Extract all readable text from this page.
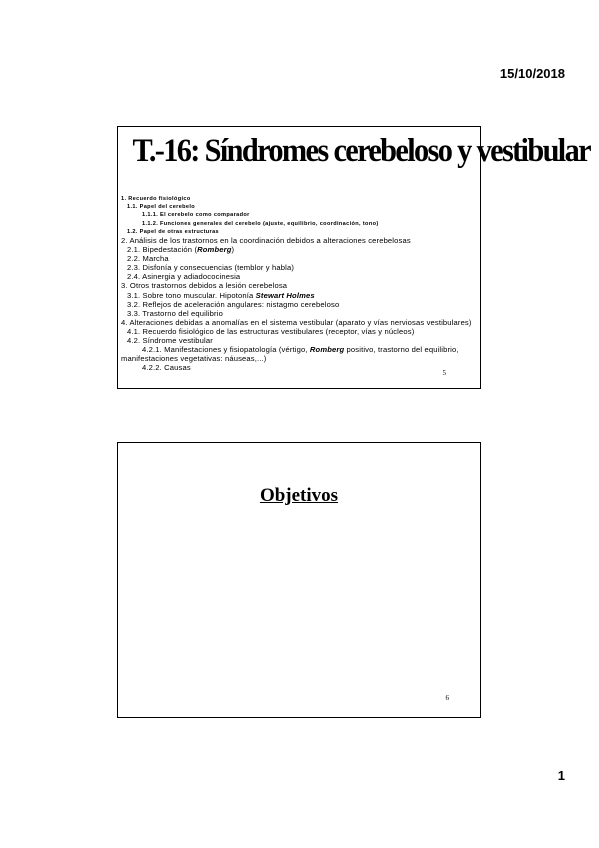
15/10/2018
T.-16: Síndromes cerebeloso y vestibular
1. Recuerdo fisiológico
1.1. Papel del cerebelo
1.1.1. El cerebelo como comparador
1.1.2. Funciones generales del cerebelo (ajuste, equilibrio, coordinación, tono)
1.2. Papel de otras estructuras
2. Análisis de los trastornos en la coordinación debidos a alteraciones cerebelosas
2.1. Bipedestación (Romberg)
2.2. Marcha
2.3. Disfonía y consecuencias (temblor y habla)
2.4. Asinergia y adiadococinesia
3. Otros trastornos debidos a lesión cerebelosa
3.1. Sobre tono muscular. Hipotonía Stewart Holmes
3.2. Reflejos de aceleración angulares: nistagmo cerebeloso
3.3. Trastorno del equilibrio
4. Alteraciones debidas a anomalías en el sistema vestibular (aparato y vías nerviosas vestibulares)
4.1. Recuerdo fisiológico de las estructuras vestibulares (receptor, vías y núcleos)
4.2. Síndrome vestibular
4.2.1. Manifestaciones y fisiopatología (vértigo, Romberg positivo, trastorno del equilibrio, manifestaciones vegetativas: náuseas,...)
4.2.2. Causas
5
Objetivos
6
1
